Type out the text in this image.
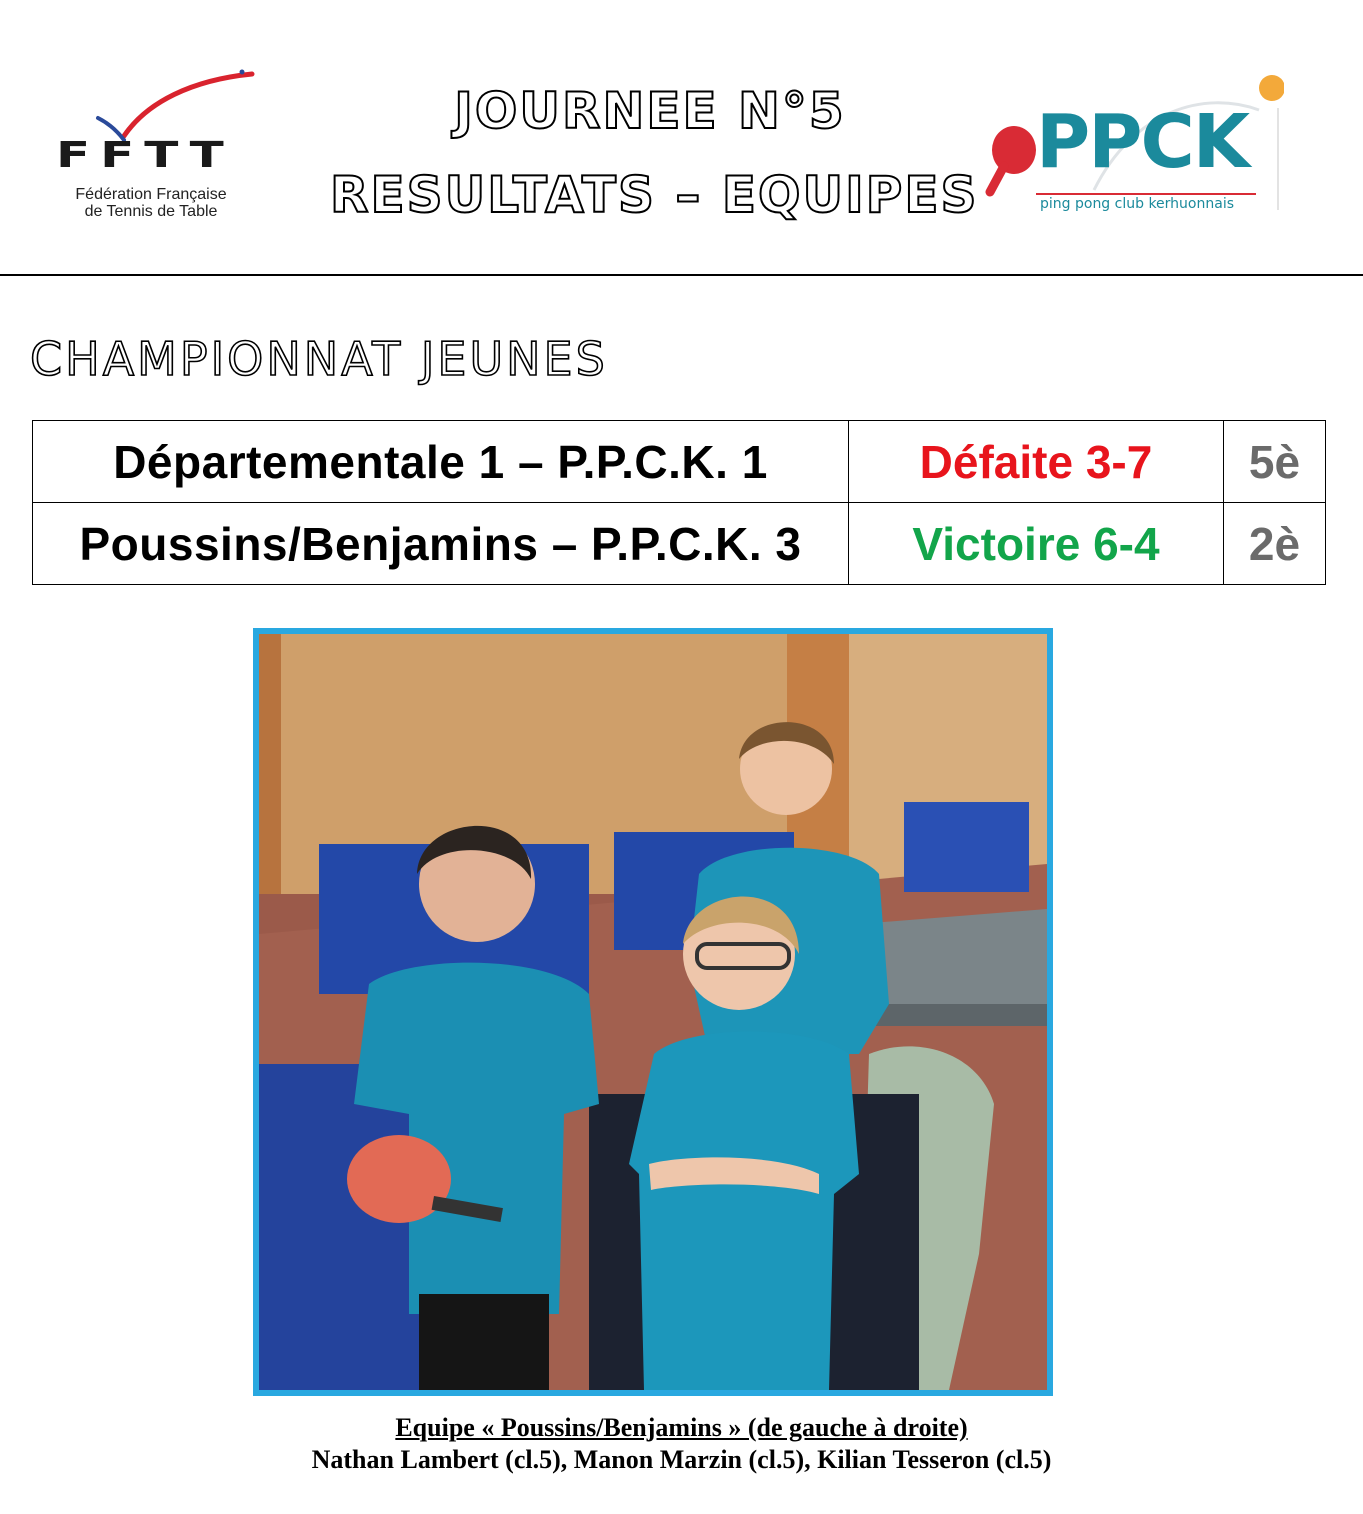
FFTT
Fédération Française
de Tennis de Table
JOURNEE N°5
RESULTATS – EQUIPES
PPCK
ping pong club kerhuonnais
CHAMPIONNAT JEUNES
Départementale 1 – P.P.C.K. 1	Défaite 3-7	5è
Poussins/Benjamins – P.P.C.K. 3	Victoire 6-4	2è
Equipe « Poussins/Benjamins » (de gauche à droite)
Nathan Lambert (cl.5), Manon Marzin (cl.5), Kilian Tesseron (cl.5)
